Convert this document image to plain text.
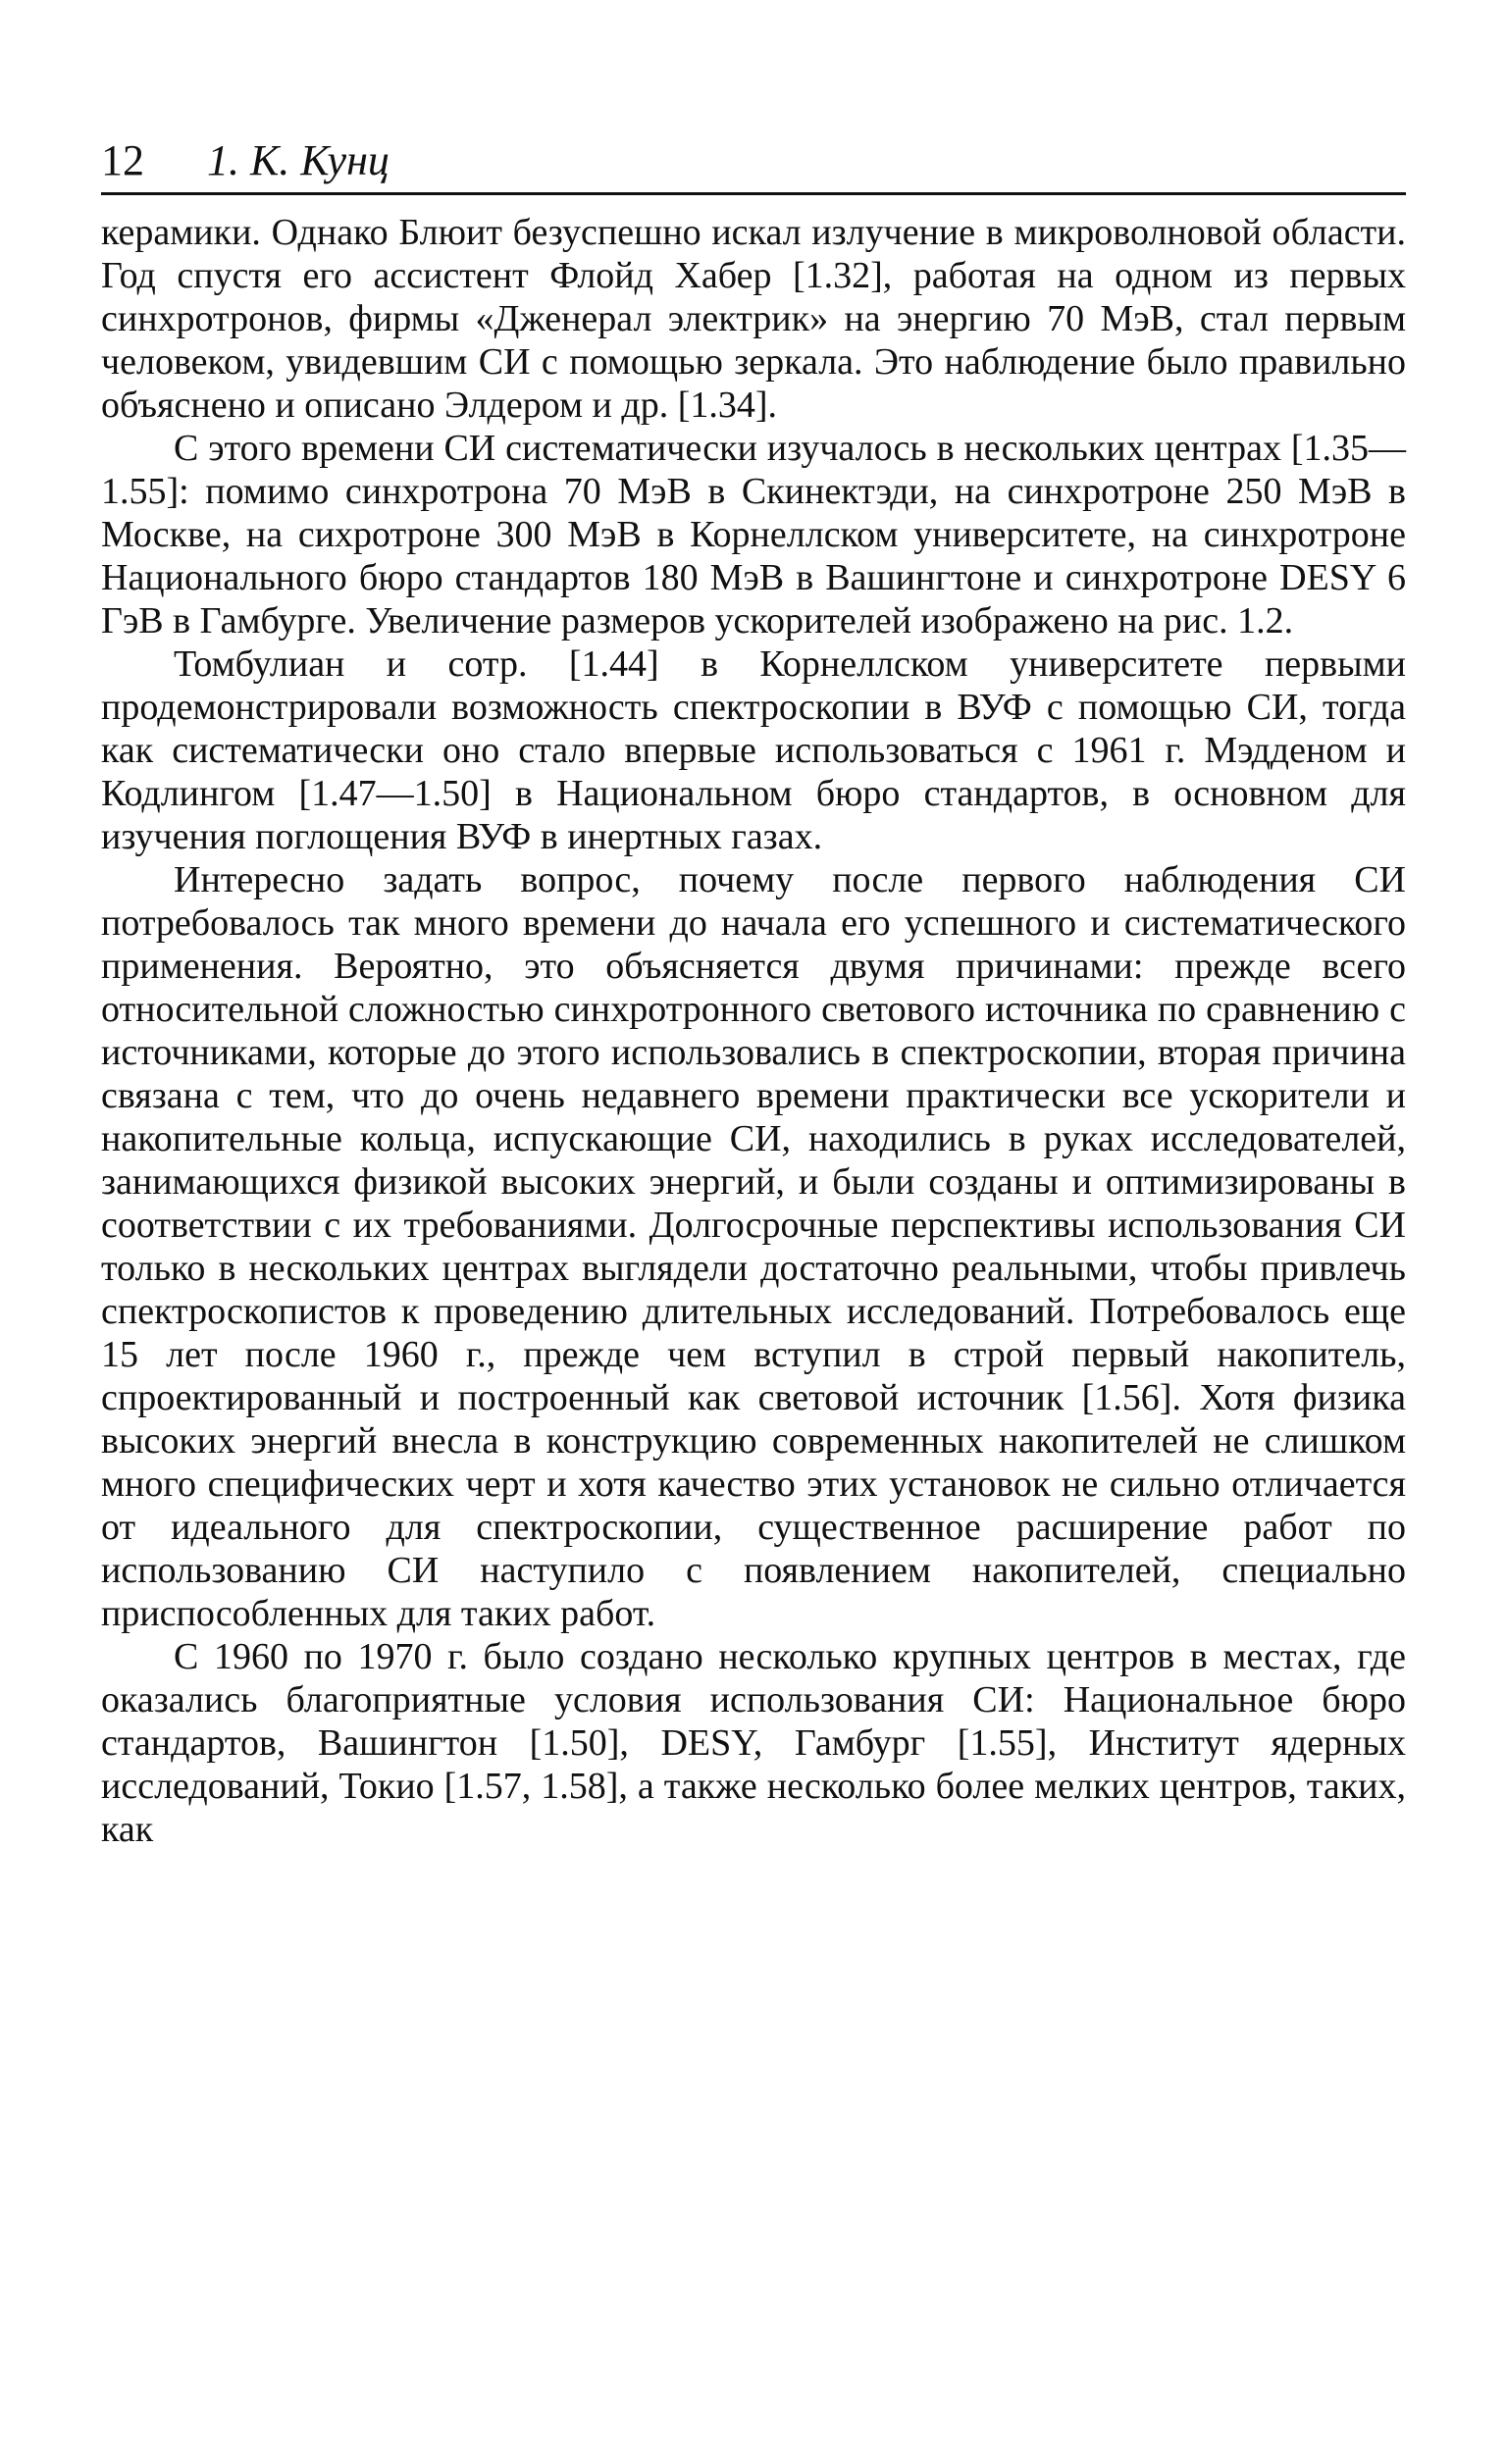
12 1. К. Кунц

керамики. Однако Блюит безуспешно искал излучение в микроволновой области. Год спустя его ассистент Флойд Хабер [1.32], работая на одном из первых синхротронов, фирмы «Дженерал электрик» на энергию 70 МэВ, стал первым человеком, увидевшим СИ с помощью зеркала. Это наблюдение было правильно объяснено и описано Элдером и др. [1.34].

С этого времени СИ систематически изучалось в нескольких центрах [1.35—1.55]: помимо синхротрона 70 МэВ в Скинектэди, на синхротроне 250 МэВ в Москве, на сихротроне 300 МэВ в Корнеллском университете, на синхротроне Национального бюро стандартов 180 МэВ в Вашингтоне и синхротроне DESY 6 ГэВ в Гамбурге. Увеличение размеров ускорителей изображено на рис. 1.2.

Томбулиан и сотр. [1.44] в Корнеллском университете первыми продемонстрировали возможность спектроскопии в ВУФ с помощью СИ, тогда как систематически оно стало впервые использоваться с 1961 г. Мэдденом и Кодлингом [1.47—1.50] в Национальном бюро стандартов, в основном для изучения поглощения ВУФ в инертных газах.

Интересно задать вопрос, почему после первого наблюдения СИ потребовалось так много времени до начала его успешного и систематического применения. Вероятно, это объясняется двумя причинами: прежде всего относительной сложностью синхротронного светового источника по сравнению с источниками, которые до этого использовались в спектроскопии, вторая причина связана с тем, что до очень недавнего времени практически все ускорители и накопительные кольца, испускающие СИ, находились в руках исследователей, занимающихся физикой высоких энергий, и были созданы и оптимизированы в соответствии с их требованиями. Долгосрочные перспективы использования СИ только в нескольких центрах выглядели достаточно реальными, чтобы привлечь спектроскопистов к проведению длительных исследований. Потребовалось еще 15 лет после 1960 г., прежде чем вступил в строй первый накопитель, спроектированный и построенный как световой источник [1.56]. Хотя физика высоких энергий внесла в конструкцию современных накопителей не слишком много специфических черт и хотя качество этих установок не сильно отличается от идеального для спектроскопии, существенное расширение работ по использованию СИ наступило с появлением накопителей, специально приспособленных для таких работ.

С 1960 по 1970 г. было создано несколько крупных центров в местах, где оказались благоприятные условия использования СИ: Национальное бюро стандартов, Вашингтон [1.50], DESY, Гамбург [1.55], Институт ядерных исследований, Токио [1.57, 1.58], а также несколько более мелких центров, таких, как
